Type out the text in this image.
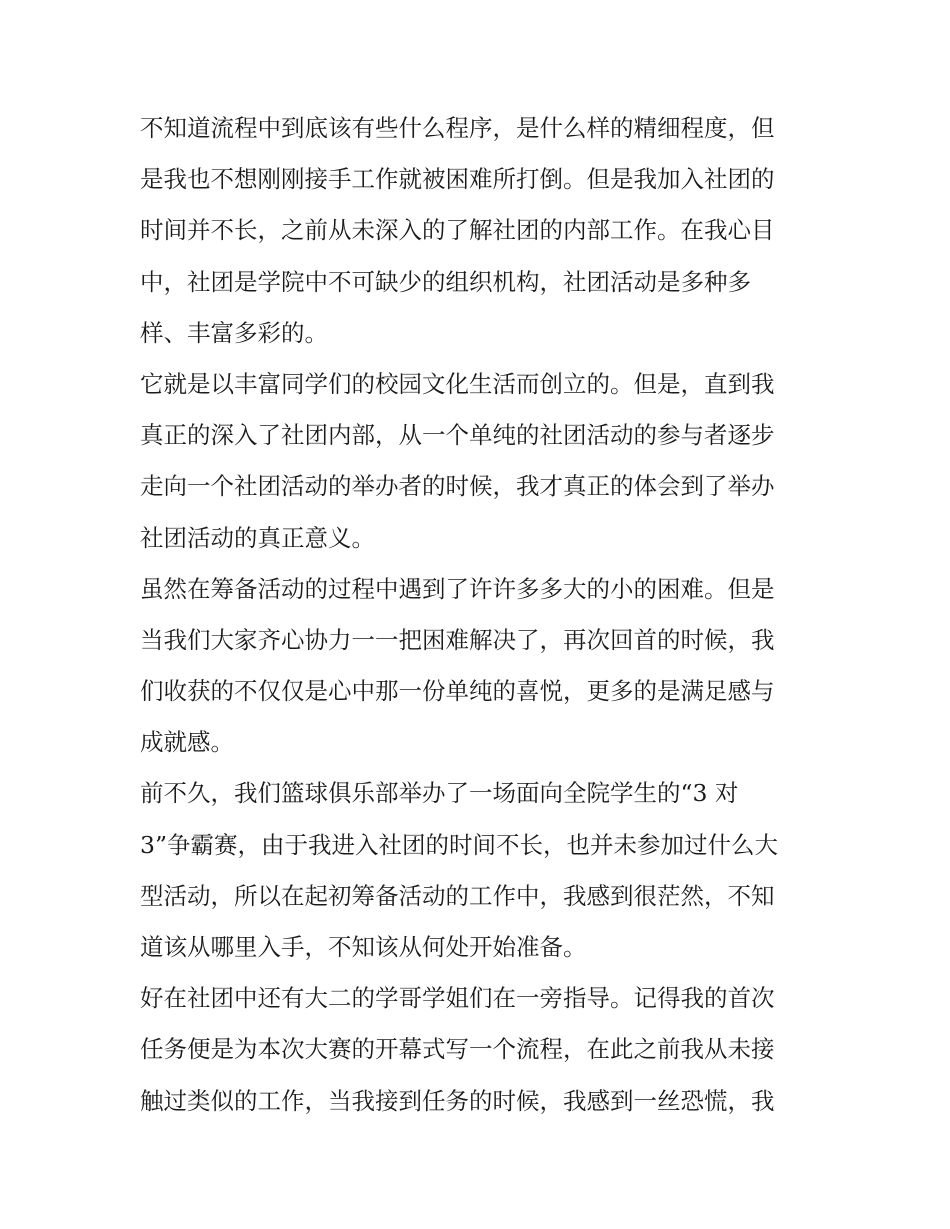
不知道流程中到底该有些什么程序，是什么样的精细程度，但
是我也不想刚刚接手工作就被困难所打倒。但是我加入社团的
时间并不长，之前从未深入的了解社团的内部工作。在我心目
中，社团是学院中不可缺少的组织机构，社团活动是多种多
样、丰富多彩的。
它就是以丰富同学们的校园文化生活而创立的。但是，直到我
真正的深入了社团内部，从一个单纯的社团活动的参与者逐步
走向一个社团活动的举办者的时候，我才真正的体会到了举办
社团活动的真正意义。
虽然在筹备活动的过程中遇到了许许多多大的小的困难。但是
当我们大家齐心协力一一把困难解决了，再次回首的时候，我
们收获的不仅仅是心中那一份单纯的喜悦，更多的是满足感与
成就感。
前不久，我们篮球俱乐部举办了一场面向全院学生的“3 对
3”争霸赛，由于我进入社团的时间不长，也并未参加过什么大
型活动，所以在起初筹备活动的工作中，我感到很茫然，不知
道该从哪里入手，不知该从何处开始准备。
好在社团中还有大二的学哥学姐们在一旁指导。记得我的首次
任务便是为本次大赛的开幕式写一个流程，在此之前我从未接
触过类似的工作，当我接到任务的时候，我感到一丝恐慌，我
